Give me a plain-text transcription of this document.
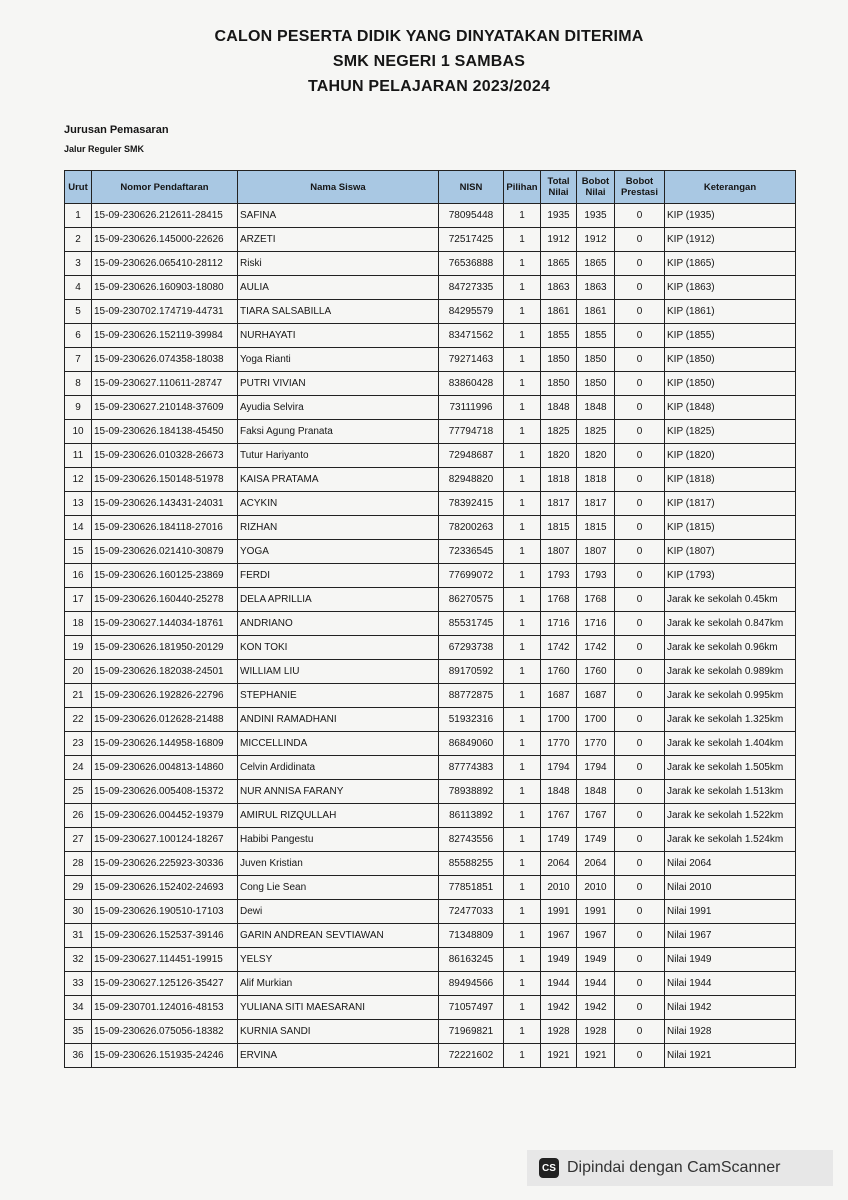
CALON PESERTA DIDIK YANG DINYATAKAN DITERIMA
SMK NEGERI 1 SAMBAS
TAHUN PELAJARAN 2023/2024
Jurusan Pemasaran
Jalur Reguler SMK
Urut	Nomor Pendaftaran	Nama Siswa	NISN	Pilihan	Total Nilai	Bobot Nilai	Bobot Prestasi	Keterangan
1	15-09-230626.212611-28415	SAFINA	78095448	1	1935	1935	0	KIP (1935)
2	15-09-230626.145000-22626	ARZETI	72517425	1	1912	1912	0	KIP (1912)
3	15-09-230626.065410-28112	Riski	76536888	1	1865	1865	0	KIP (1865)
4	15-09-230626.160903-18080	AULIA	84727335	1	1863	1863	0	KIP (1863)
5	15-09-230702.174719-44731	TIARA SALSABILLA	84295579	1	1861	1861	0	KIP (1861)
6	15-09-230626.152119-39984	NURHAYATI	83471562	1	1855	1855	0	KIP (1855)
7	15-09-230626.074358-18038	Yoga Rianti	79271463	1	1850	1850	0	KIP (1850)
8	15-09-230627.110611-28747	PUTRI VIVIAN	83860428	1	1850	1850	0	KIP (1850)
9	15-09-230627.210148-37609	Ayudia Selvira	73111996	1	1848	1848	0	KIP (1848)
10	15-09-230626.184138-45450	Faksi Agung Pranata	77794718	1	1825	1825	0	KIP (1825)
11	15-09-230626.010328-26673	Tutur Hariyanto	72948687	1	1820	1820	0	KIP (1820)
12	15-09-230626.150148-51978	KAISA PRATAMA	82948820	1	1818	1818	0	KIP (1818)
13	15-09-230626.143431-24031	ACYKIN	78392415	1	1817	1817	0	KIP (1817)
14	15-09-230626.184118-27016	RIZHAN	78200263	1	1815	1815	0	KIP (1815)
15	15-09-230626.021410-30879	YOGA	72336545	1	1807	1807	0	KIP (1807)
16	15-09-230626.160125-23869	FERDI	77699072	1	1793	1793	0	KIP (1793)
17	15-09-230626.160440-25278	DELA APRILLIA	86270575	1	1768	1768	0	Jarak ke sekolah 0.45km
18	15-09-230627.144034-18761	ANDRIANO	85531745	1	1716	1716	0	Jarak ke sekolah 0.847km
19	15-09-230626.181950-20129	KON TOKI	67293738	1	1742	1742	0	Jarak ke sekolah 0.96km
20	15-09-230626.182038-24501	WILLIAM LIU	89170592	1	1760	1760	0	Jarak ke sekolah 0.989km
21	15-09-230626.192826-22796	STEPHANIE	88772875	1	1687	1687	0	Jarak ke sekolah 0.995km
22	15-09-230626.012628-21488	ANDINI RAMADHANI	51932316	1	1700	1700	0	Jarak ke sekolah 1.325km
23	15-09-230626.144958-16809	MICCELLINDA	86849060	1	1770	1770	0	Jarak ke sekolah 1.404km
24	15-09-230626.004813-14860	Celvin Ardidinata	87774383	1	1794	1794	0	Jarak ke sekolah 1.505km
25	15-09-230626.005408-15372	NUR ANNISA FARANY	78938892	1	1848	1848	0	Jarak ke sekolah 1.513km
26	15-09-230626.004452-19379	AMIRUL RIZQULLAH	86113892	1	1767	1767	0	Jarak ke sekolah 1.522km
27	15-09-230627.100124-18267	Habibi Pangestu	82743556	1	1749	1749	0	Jarak ke sekolah 1.524km
28	15-09-230626.225923-30336	Juven Kristian	85588255	1	2064	2064	0	Nilai 2064
29	15-09-230626.152402-24693	Cong Lie Sean	77851851	1	2010	2010	0	Nilai 2010
30	15-09-230626.190510-17103	Dewi	72477033	1	1991	1991	0	Nilai 1991
31	15-09-230626.152537-39146	GARIN ANDREAN SEVTIAWAN	71348809	1	1967	1967	0	Nilai 1967
32	15-09-230627.114451-19915	YELSY	86163245	1	1949	1949	0	Nilai 1949
33	15-09-230627.125126-35427	Alif Murkian	89494566	1	1944	1944	0	Nilai 1944
34	15-09-230701.124016-48153	YULIANA SITI MAESARANI	71057497	1	1942	1942	0	Nilai 1942
35	15-09-230626.075056-18382	KURNIA SANDI	71969821	1	1928	1928	0	Nilai 1928
36	15-09-230626.151935-24246	ERVINA	72221602	1	1921	1921	0	Nilai 1921
CS Dipindai dengan CamScanner
